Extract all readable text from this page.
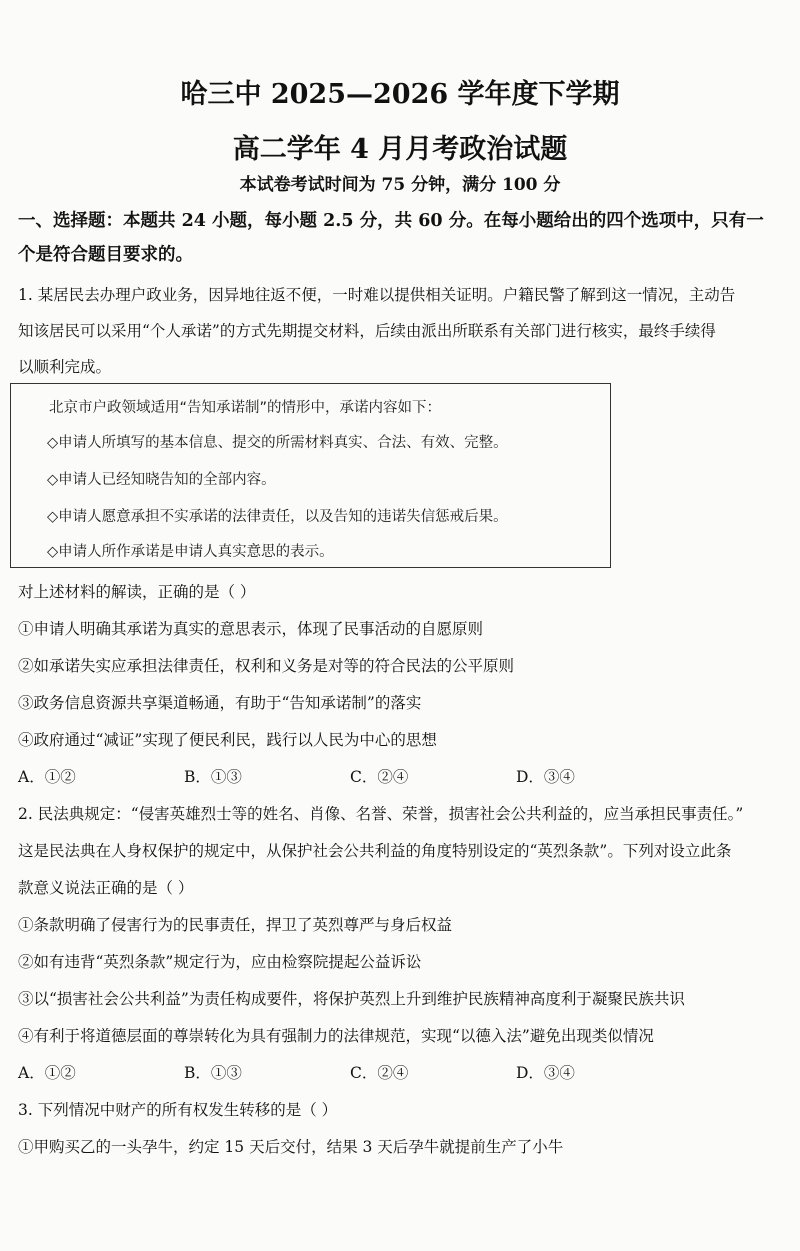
哈三中 2025—2026 学年度下学期
高二学年 4 月月考政治试题
本试卷考试时间为 75 分钟，满分 100 分
一、选择题：本题共 24 小题，每小题 2.5 分，共 60 分。在每小题给出的四个选项中，只有一
个是符合题目要求的。
1. 某居民去办理户政业务，因异地往返不便，一时难以提供相关证明。户籍民警了解到这一情况，主动告
知该居民可以采用“个人承诺”的方式先期提交材料，后续由派出所联系有关部门进行核实，最终手续得
以顺利完成。
北京市户政领域适用“告知承诺制”的情形中，承诺内容如下：
◇申请人所填写的基本信息、提交的所需材料真实、合法、有效、完整。
◇申请人已经知晓告知的全部内容。
◇申请人愿意承担不实承诺的法律责任，以及告知的违诺失信惩戒后果。
◇申请人所作承诺是申请人真实意思的表示。
对上述材料的解读，正确的是（ ）
①申请人明确其承诺为真实的意思表示，体现了民事活动的自愿原则
②如承诺失实应承担法律责任，权利和义务是对等的符合民法的公平原则
③政务信息资源共享渠道畅通，有助于“告知承诺制”的落实
④政府通过“减证”实现了便民利民，践行以人民为中心的思想
A．①②	B．①③	C．②④	D．③④
2. 民法典规定：“侵害英雄烈士等的姓名、肖像、名誉、荣誉，损害社会公共利益的，应当承担民事责任。”
这是民法典在人身权保护的规定中，从保护社会公共利益的角度特别设定的“英烈条款”。下列对设立此条
款意义说法正确的是（ ）
①条款明确了侵害行为的民事责任，捍卫了英烈尊严与身后权益
②如有违背“英烈条款”规定行为，应由检察院提起公益诉讼
③以“损害社会公共利益”为责任构成要件，将保护英烈上升到维护民族精神高度利于凝聚民族共识
④有利于将道德层面的尊崇转化为具有强制力的法律规范，实现“以德入法”避免出现类似情况
A．①②	B．①③	C．②④	D．③④
3. 下列情况中财产的所有权发生转移的是（ ）
①甲购买乙的一头孕牛，约定 15 天后交付，结果 3 天后孕牛就提前生产了小牛
